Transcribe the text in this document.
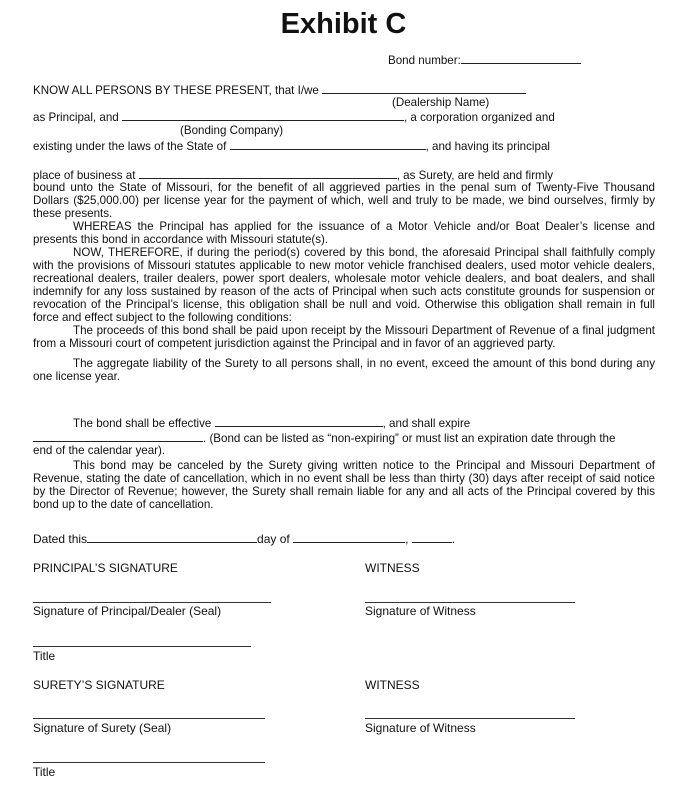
Exhibit C
Bond number:
KNOW ALL PERSONS BY THESE PRESENT, that I/we
(Dealership Name)
as Principal, and	, a corporation organized and
(Bonding Company)
existing under the laws of the State of	, and having its principal
place of business at	, as Surety, are held and firmly

bound unto the State of Missouri, for the benefit of all aggrieved parties in the penal sum of Twenty-Five Thousand Dollars ($25,000.00) per license year for the payment of which, well and truly to be made, we bind ourselves, firmly by these presents.

WHEREAS the Principal has applied for the issuance of a Motor Vehicle and/or Boat Dealer’s license and presents this bond in accordance with Missouri statute(s).

NOW, THEREFORE, if during the period(s) covered by this bond, the aforesaid Principal shall faithfully comply with the provisions of Missouri statutes applicable to new motor vehicle franchised dealers, used motor vehicle dealers, recreational dealers, trailer dealers, power sport dealers, wholesale motor vehicle dealers, and boat dealers, and shall indemnify for any loss sustained by reason of the acts of Principal when such acts constitute grounds for suspension or revocation of the Principal’s license, this obligation shall be null and void. Otherwise this obligation shall remain in full force and effect subject to the following conditions:

The proceeds of this bond shall be paid upon receipt by the Missouri Department of Revenue of a final judgment from a Missouri court of competent jurisdiction against the Principal and in favor of an aggrieved party.

The aggregate liability of the Surety to all persons shall, in no event, exceed the amount of this bond during any one license year.

The bond shall be effective	, and shall expire
. (Bond can be listed as “non-expiring” or must list an expiration date through the
end of the calendar year).

This bond may be canceled by the Surety giving written notice to the Principal and Missouri Department of Revenue, stating the date of cancellation, which in no event shall be less than thirty (30) days after receipt of said notice by the Director of Revenue; however, the Surety shall remain liable for any and all acts of the Principal covered by this bond up to the date of cancellation.

Dated this	day of	,	.
PRINCIPAL’S SIGNATURE	WITNESS
Signature of Principal/Dealer (Seal)	Signature of Witness
Title
SURETY’S SIGNATURE	WITNESS
Signature of Surety (Seal)	Signature of Witness
Title
